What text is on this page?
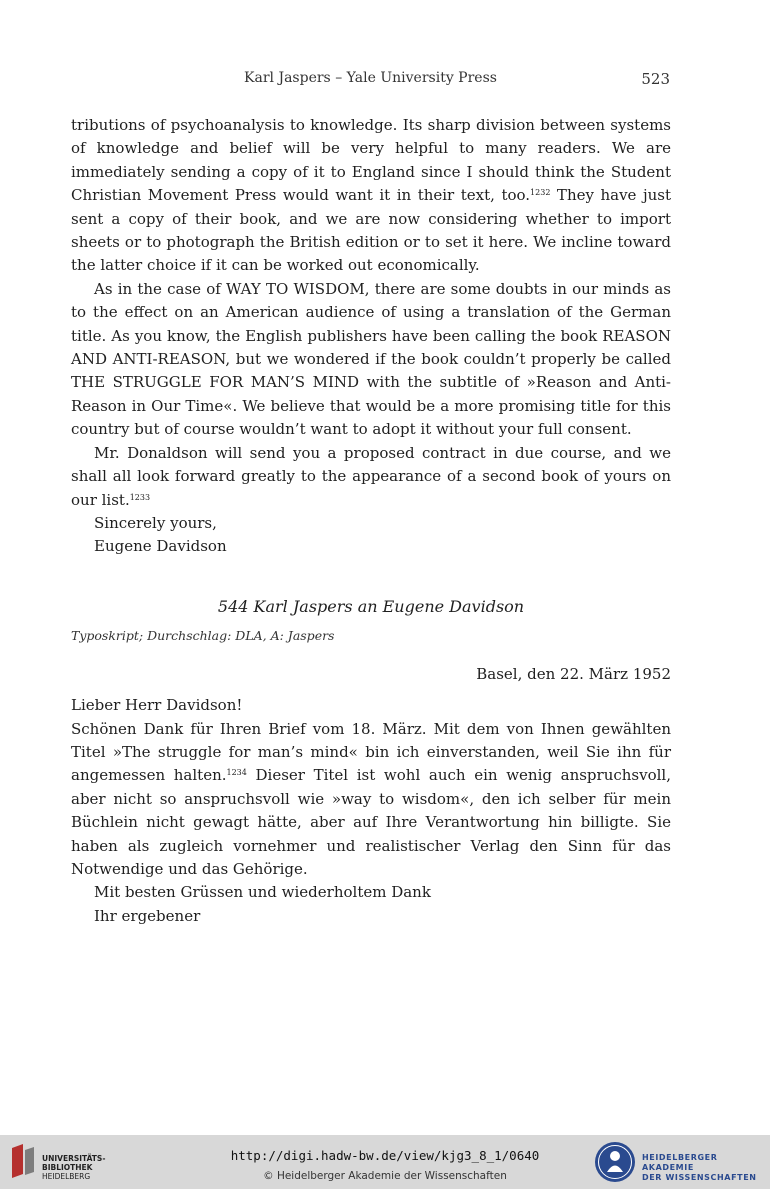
Karl Jaspers – Yale University Press	523

tributions of psychoanalysis to knowledge. Its sharp division between systems of knowledge and belief will be very helpful to many readers. We are immediately sending a copy of it to England since I should think the Student Christian Movement Press would want it in their text, too.$^{1232}$ They have just sent a copy of their book, and we are now considering whether to import sheets or to photograph the British edition or to set it here. We incline toward the latter choice if it can be worked out economically.

As in the case of WAY TO WISDOM, there are some doubts in our minds as to the effect on an American audience of using a translation of the German title. As you know, the English publishers have been calling the book REASON AND ANTI-REASON, but we wondered if the book couldn’t properly be called THE STRUGGLE FOR MAN’S MIND with the subtitle of »Reason and Anti-Reason in Our Time«. We believe that would be a more promising title for this country but of course wouldn’t want to adopt it without your full consent.

Mr. Donaldson will send you a proposed contract in due course, and we shall all look forward greatly to the appearance of a second book of yours on our list.$^{1233}$

Sincerely yours,

Eugene Davidson

544 Karl Jaspers an Eugene Davidson
Typoskript; Durchschlag: DLA, A: Jaspers
Basel, den 22. März 1952

Lieber Herr Davidson!

Schönen Dank für Ihren Brief vom 18. März. Mit dem von Ihnen gewählten Titel »The struggle for man’s mind« bin ich einverstanden, weil Sie ihn für angemessen halten.$^{1234}$ Dieser Titel ist wohl auch ein wenig anspruchsvoll, aber nicht so anspruchsvoll wie »way to wisdom«, den ich selber für mein Büchlein nicht gewagt hätte, aber auf Ihre Verantwortung hin billigte. Sie haben als zugleich vornehmer und realistischer Verlag den Sinn für das Notwendige und das Gehörige.

Mit besten Grüssen und wiederholtem Dank

Ihr ergebener

UNIVERSITÄTS-
BIBLIOTHEK
HEIDELBERG
http://digi.hadw-bw.de/view/kjg3_8_1/0640
© Heidelberger Akademie der Wissenschaften
HEIDELBERGER AKADEMIE
DER WISSENSCHAFTEN
